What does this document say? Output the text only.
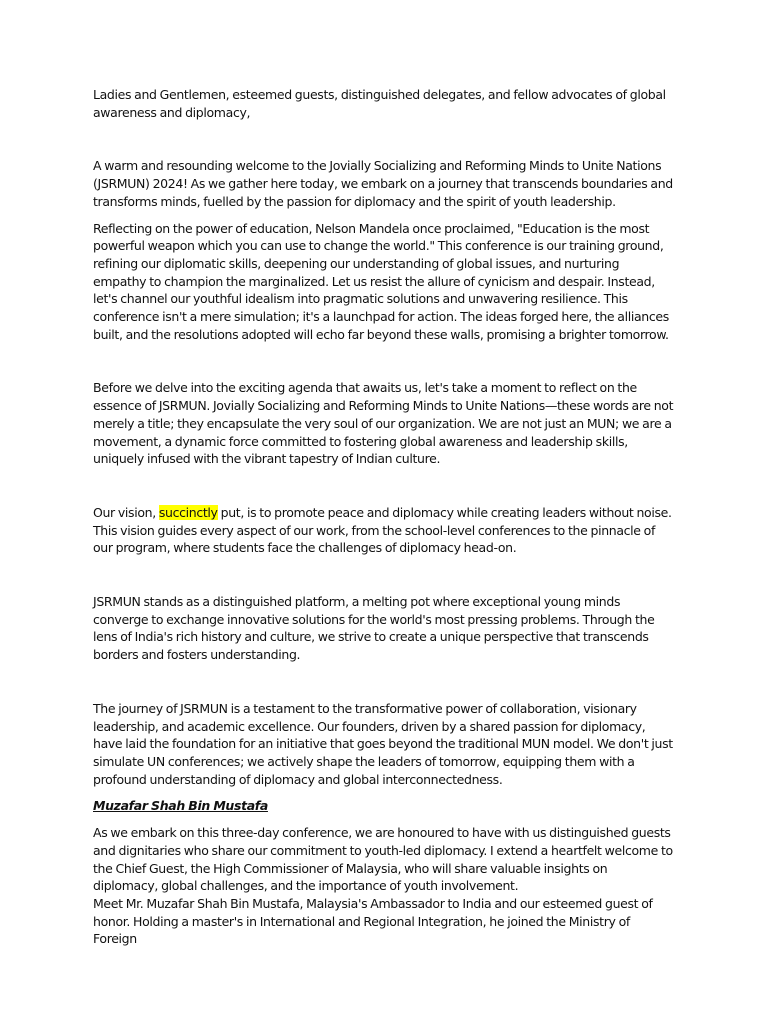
Ladies and Gentlemen, esteemed guests, distinguished delegates, and fellow advocates of global awareness and diplomacy,

A warm and resounding welcome to the Jovially Socializing and Reforming Minds to Unite Nations (JSRMUN) 2024! As we gather here today, we embark on a journey that transcends boundaries and transforms minds, fuelled by the passion for diplomacy and the spirit of youth leadership.

Reflecting on the power of education, Nelson Mandela once proclaimed, "Education is the most powerful weapon which you can use to change the world." This conference is our training ground, refining our diplomatic skills, deepening our understanding of global issues, and nurturing empathy to champion the marginalized. Let us resist the allure of cynicism and despair. Instead, let's channel our youthful idealism into pragmatic solutions and unwavering resilience. This conference isn't a mere simulation; it's a launchpad for action. The ideas forged here, the alliances built, and the resolutions adopted will echo far beyond these walls, promising a brighter tomorrow.

Before we delve into the exciting agenda that awaits us, let's take a moment to reflect on the essence of JSRMUN. Jovially Socializing and Reforming Minds to Unite Nations—these words are not merely a title; they encapsulate the very soul of our organization. We are not just an MUN; we are a movement, a dynamic force committed to fostering global awareness and leadership skills, uniquely infused with the vibrant tapestry of Indian culture.

Our vision, succinctly put, is to promote peace and diplomacy while creating leaders without noise. This vision guides every aspect of our work, from the school-level conferences to the pinnacle of our program, where students face the challenges of diplomacy head-on.

JSRMUN stands as a distinguished platform, a melting pot where exceptional young minds converge to exchange innovative solutions for the world's most pressing problems. Through the lens of India's rich history and culture, we strive to create a unique perspective that transcends borders and fosters understanding.

The journey of JSRMUN is a testament to the transformative power of collaboration, visionary leadership, and academic excellence. Our founders, driven by a shared passion for diplomacy, have laid the foundation for an initiative that goes beyond the traditional MUN model. We don't just simulate UN conferences; we actively shape the leaders of tomorrow, equipping them with a profound understanding of diplomacy and global interconnectedness.

Muzafar Shah Bin Mustafa

As we embark on this three-day conference, we are honoured to have with us distinguished guests and dignitaries who share our commitment to youth-led diplomacy. I extend a heartfelt welcome to the Chief Guest, the High Commissioner of Malaysia, who will share valuable insights on diplomacy, global challenges, and the importance of youth involvement.

Meet Mr. Muzafar Shah Bin Mustafa, Malaysia's Ambassador to India and our esteemed guest of honor. Holding a master's in International and Regional Integration, he joined the Ministry of Foreign
